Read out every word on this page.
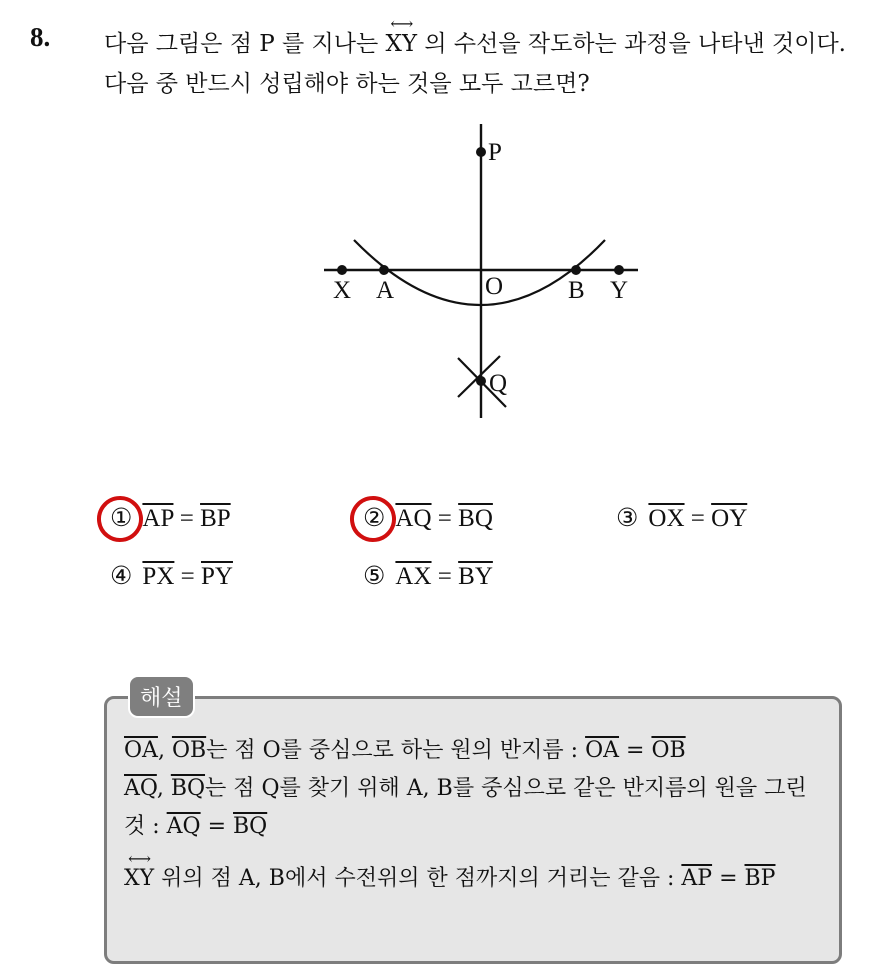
8. 다음 그림은 점 P 를 지나는
⟷
XY 의 수선을 작도하는 과정을 나타낸 것이다. 다음 중 반드시 성립해야 하는 것을 모두 고르면?
P
X A	O	B Y
Q
① $\overline{AP} = \overline{BP}$	② $\overline{AQ} = \overline{BQ}$	③ $\overline{OX} = \overline{OY}$
④ $\overline{PX} = \overline{PY}$	⑤ $\overline{AX} = \overline{BY}$
해설

$\overline{OA}$, $\overline{OB}$는 점 O를 중심으로 하는 원의 반지름 : $\overline{OA} = \overline{OB}$

$\overline{AQ}$, $\overline{BQ}$는 점 Q를 찾기 위해 A, B를 중심으로 같은 반지름의 원을 그린 것 : $\overline{AQ} = \overline{BQ}$

⟷
XY 위의 점 A, B에서 수전위의 한 점까지의 거리는 같음 : $\overline{AP} = \overline{BP}$
